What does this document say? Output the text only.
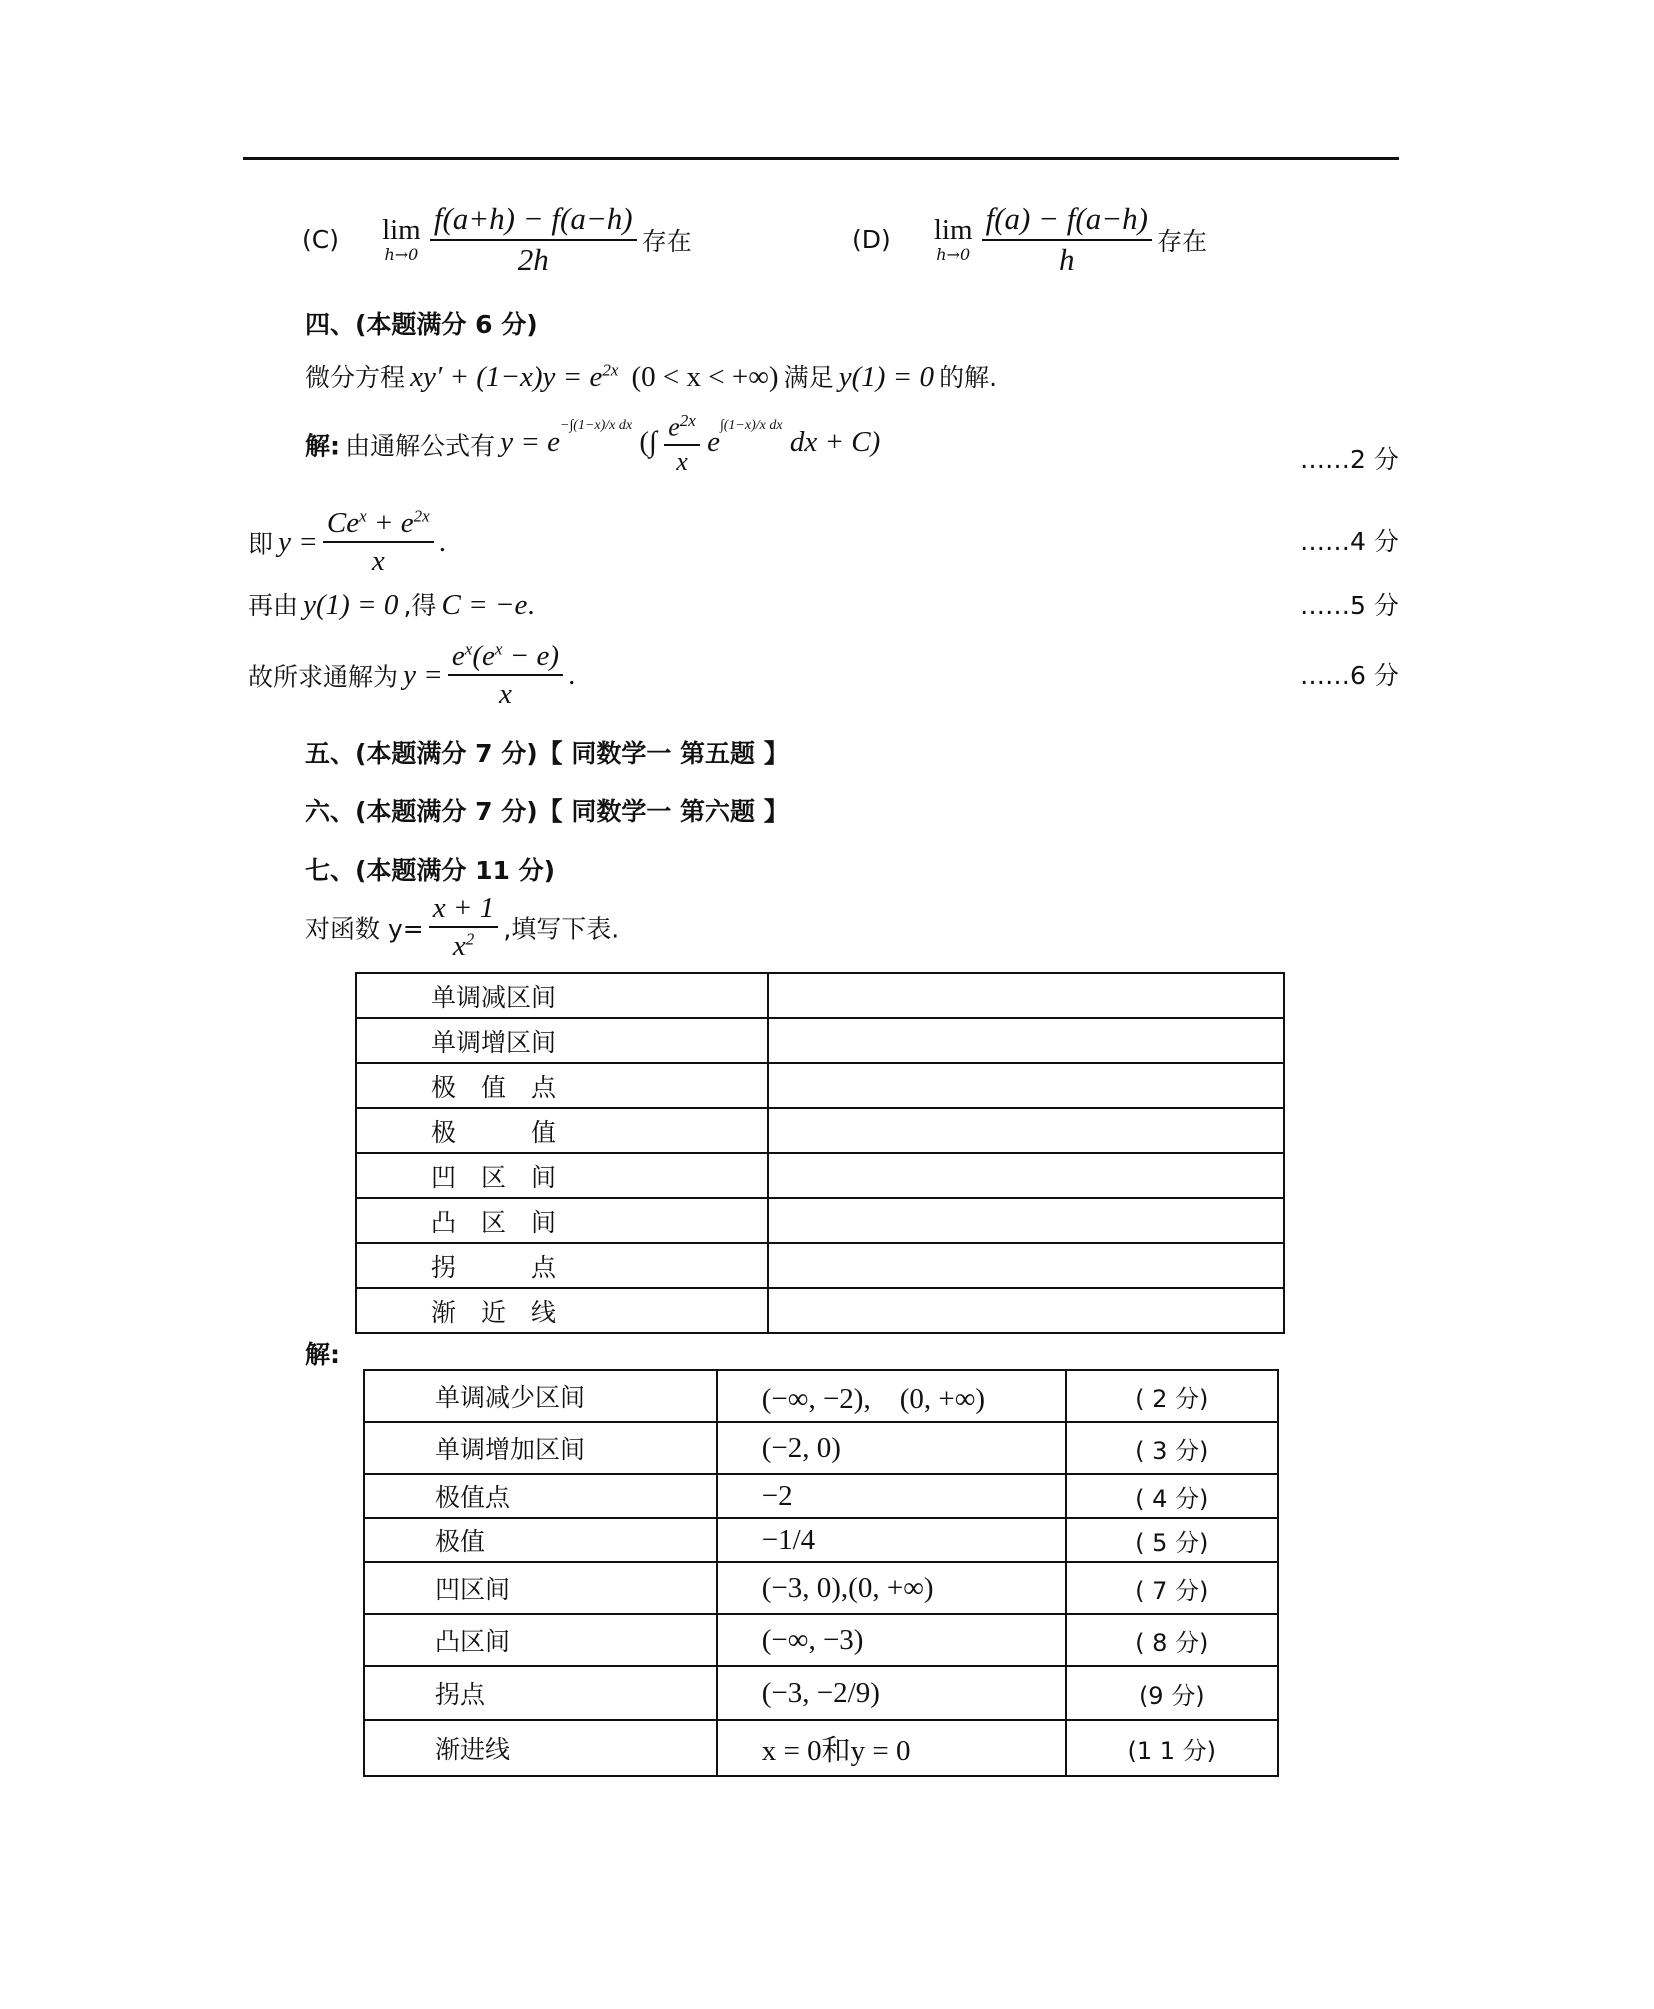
(C) lim
h→0
$\frac{f(a+h) - f(a-h)}{2h}$ 存在	(D) lim
h→0
$\frac{f(a) - f(a-h)}{h}$ 存在
四、(本题满分 6 分)
微分方程 $xy' + (1-x)y = e^{2x}$ (0 < x < +∞) 满足 y(1) = 0 的解.
解: 由通解公式有 $y = e^{-\int(1-x)/x dx}$ (∫ $\frac{e^{2x}}{x} e^{\int(1-x)/x dx}$ dx + C)
……2 分
即 $y = \frac{Ce^x + e^{2x}}{x}$ .	……4 分
再由 y(1) = 0 ,得 C = −e.	……5 分
故所求通解为 $y = \frac{e^x(e^x - e)}{x}$ .	……6 分
五、(本题满分 7 分)【 同数学一 第五题 】
六、(本题满分 7 分)【 同数学一 第六题 】
七、(本题满分 11 分)
对函数 $y= \frac{x + 1}{x^2}$ ,填写下表.
单调减区间	
单调增区间	
极　值　点	
极　　　值	
凹　区　间	
凸　区　间	
拐　　　点	
渐　近　线	
解:
单调减少区间	(−∞, −2),　(0, +∞)	( 2 分)
单调增加区间	(−2, 0)	( 3 分)
极值点	−2	( 4 分)
极值	−1/4	( 5 分)
凹区间	(−3, 0),(0, +∞)	( 7 分)
凸区间	(−∞, −3)	( 8 分)
拐点	(−3, −2/9)	(9 分)
渐进线	x = 0和y = 0	(1 1 分)
